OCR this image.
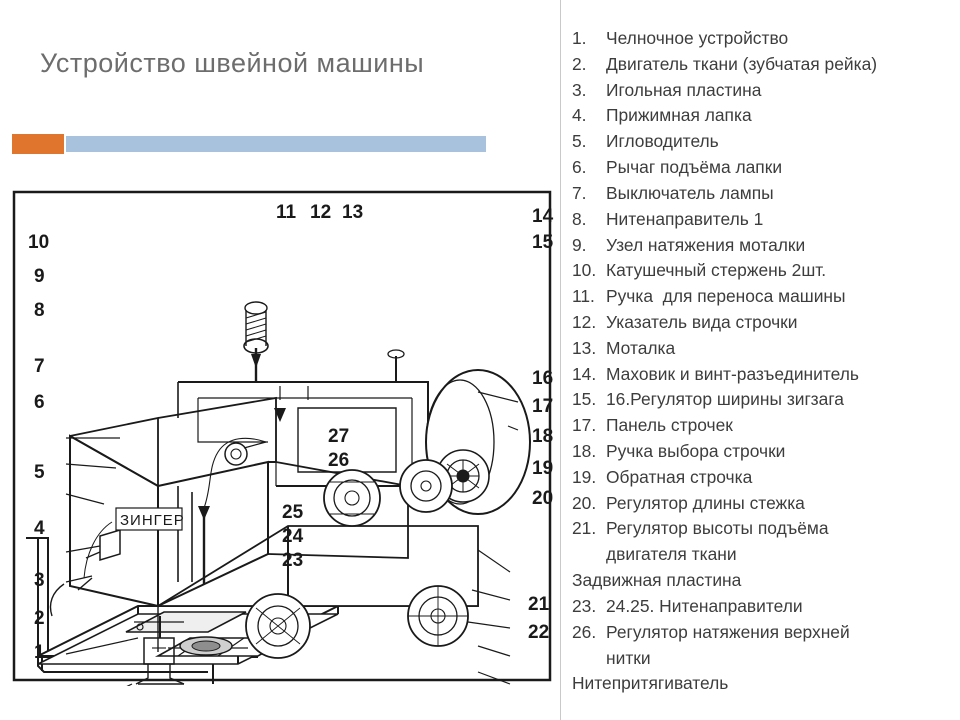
Устройство швейной машины
ЗИНГЕР
10
9
8
7
6
5
4
3
2
1
11 12 13	14
15
16
17
18
19
20
21
22
27
26
25
24
23
1.	Челночное устройство
2.	Двигатель ткани (зубчатая рейка)
3.	Игольная пластина
4.	Прижимная лапка
5.	Игловодитель
6.	Рычаг подъёма лапки
7.	Выключатель лампы
8.	Нитенаправитель 1
9.	Узел натяжения моталки
10. Катушечный стержень 2шт.
11. Ручка  для переноса машины
12. Указатель вида строчки
13. Моталка
14. Маховик и винт-разъединитель
15. 16.Регулятор ширины зигзага
17. Панель строчек
18. Ручка выбора строчки
19. Обратная строчка
20. Регулятор длины стежка
21. Регулятор высоты подъёма
двигателя ткани
Задвижная пластина
23. 24.25. Нитенаправители
26. Регулятор натяжения верхней
нитки
Нитепритягиватель
